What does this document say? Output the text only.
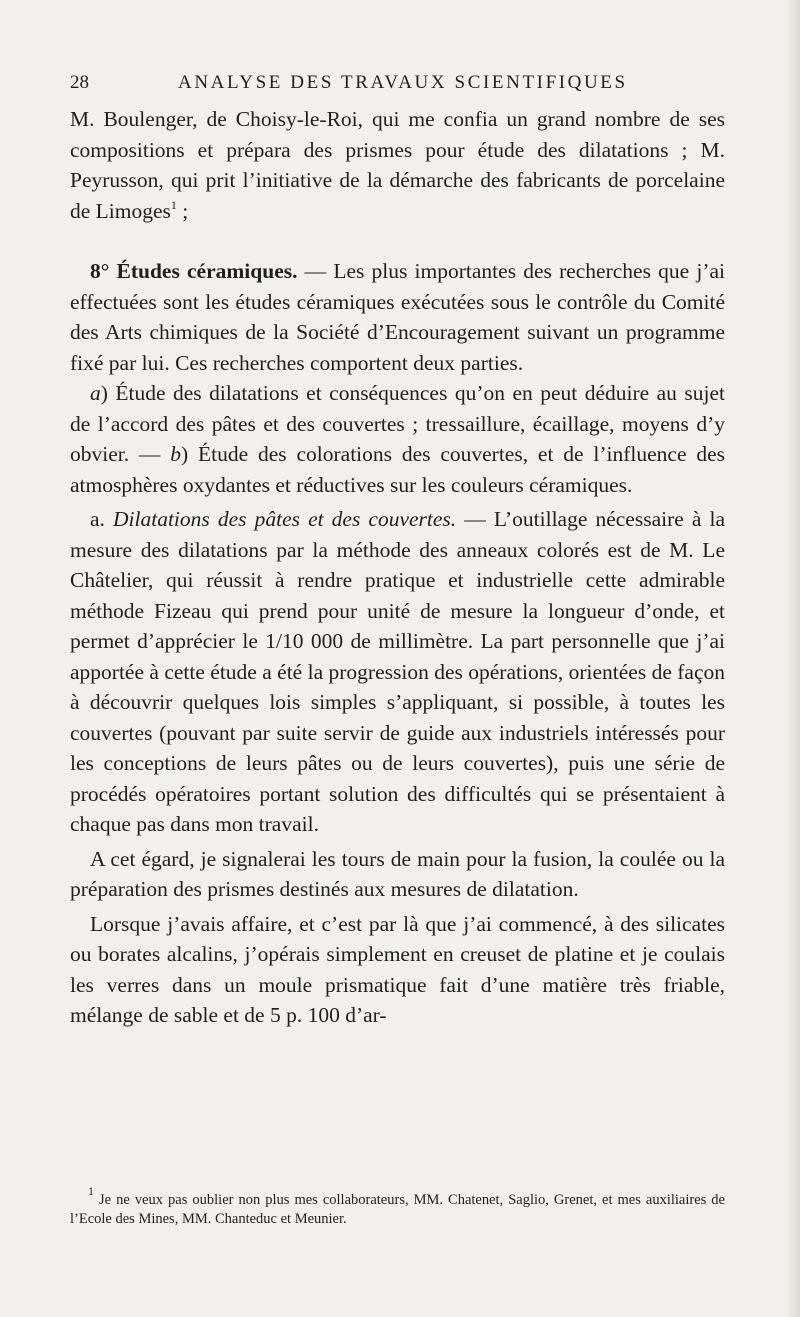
28	ANALYSE DES TRAVAUX SCIENTIFIQUES

M. Boulenger, de Choisy-le-Roi, qui me confia un grand nombre de ses compositions et prépara des prismes pour étude des dilatations ; M. Peyrusson, qui prit l’initiative de la démarche des fabricants de porcelaine de Limoges$^1$ ;

8° Études céramiques. — Les plus importantes des recherches que j’ai effectuées sont les études céramiques exécutées sous le contrôle du Comité des Arts chimiques de la Société d’Encouragement suivant un programme fixé par lui. Ces recherches comportent deux parties.

a) Étude des dilatations et conséquences qu’on en peut déduire au sujet de l’accord des pâtes et des couvertes ; tressaillure, écaillage, moyens d’y obvier. — b) Étude des colorations des couvertes, et de l’influence des atmosphères oxydantes et réductives sur les couleurs céramiques.

a. Dilatations des pâtes et des couvertes. — L’outillage nécessaire à la mesure des dilatations par la méthode des anneaux colorés est de M. Le Châtelier, qui réussit à rendre pratique et industrielle cette admirable méthode Fizeau qui prend pour unité de mesure la longueur d’onde, et permet d’apprécier le 1/10 000 de millimètre. La part personnelle que j’ai apportée à cette étude a été la progression des opérations, orientées de façon à découvrir quelques lois simples s’appliquant, si possible, à toutes les couvertes (pouvant par suite servir de guide aux industriels intéressés pour les conceptions de leurs pâtes ou de leurs couvertes), puis une série de procédés opératoires portant solution des difficultés qui se présentaient à chaque pas dans mon travail.

A cet égard, je signalerai les tours de main pour la fusion, la coulée ou la préparation des prismes destinés aux mesures de dilatation.

Lorsque j’avais affaire, et c’est par là que j’ai commencé, à des silicates ou borates alcalins, j’opérais simplement en creuset de platine et je coulais les verres dans un moule prismatique fait d’une matière très friable, mélange de sable et de 5 p. 100 d’ar-

$^1$ Je ne veux pas oublier non plus mes collaborateurs, MM. Chatenet, Saglio, Grenet, et mes auxiliaires de l’Ecole des Mines, MM. Chanteduc et Meunier.
